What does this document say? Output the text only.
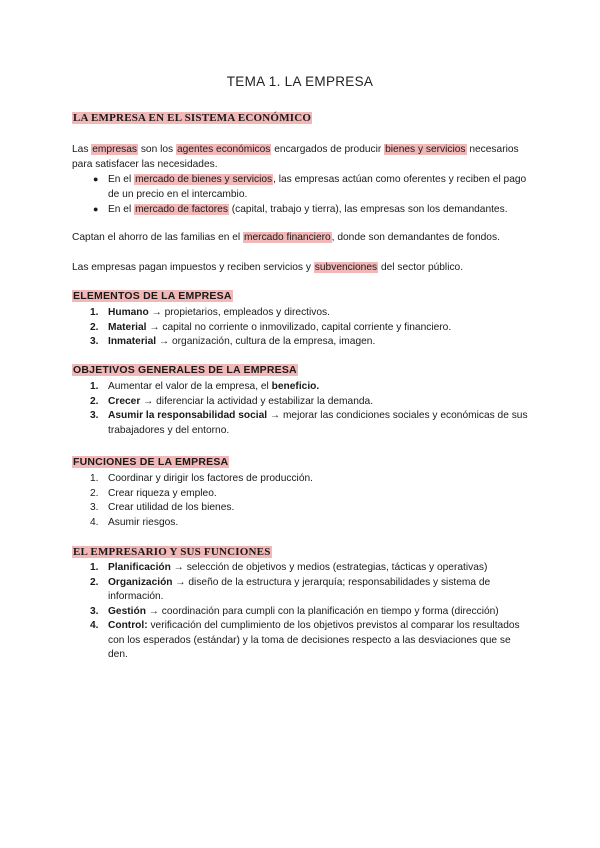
TEMA 1. LA EMPRESA
LA EMPRESA EN EL SISTEMA ECONÓMICO
Las empresas son los agentes económicos encargados de producir bienes y servicios necesarios para satisfacer las necesidades.
● En el mercado de bienes y servicios, las empresas actúan como oferentes y reciben el pago de un precio en el intercambio.
● En el mercado de factores (capital, trabajo y tierra), las empresas son los demandantes.
Captan el ahorro de las familias en el mercado financiero, donde son demandantes de fondos.
Las empresas pagan impuestos y reciben servicios y subvenciones del sector público.
ELEMENTOS DE LA EMPRESA
1. Humano → propietarios, empleados y directivos.
2. Material → capital no corriente o inmovilizado, capital corriente y financiero.
3. Inmaterial → organización, cultura de la empresa, imagen.
OBJETIVOS GENERALES DE LA EMPRESA
1. Aumentar el valor de la empresa, el beneficio.
2. Crecer → diferenciar la actividad y estabilizar la demanda.
3. Asumir la responsabilidad social → mejorar las condiciones sociales y económicas de sus trabajadores y del entorno.
FUNCIONES DE LA EMPRESA
1. Coordinar y dirigir los factores de producción.
2. Crear riqueza y empleo.
3. Crear utilidad de los bienes.
4. Asumir riesgos.
EL EMPRESARIO Y SUS FUNCIONES
1. Planificación → selección de objetivos y medios (estrategias, tácticas y operativas)
2. Organización → diseño de la estructura y jerarquía; responsabilidades y sistema de información.
3. Gestión → coordinación para cumpli con la planificación en tiempo y forma (dirección)
4. Control: verificación del cumplimiento de los objetivos previstos al comparar los resultados con los esperados (estándar) y la toma de decisiones respecto a las desviaciones que se den.
